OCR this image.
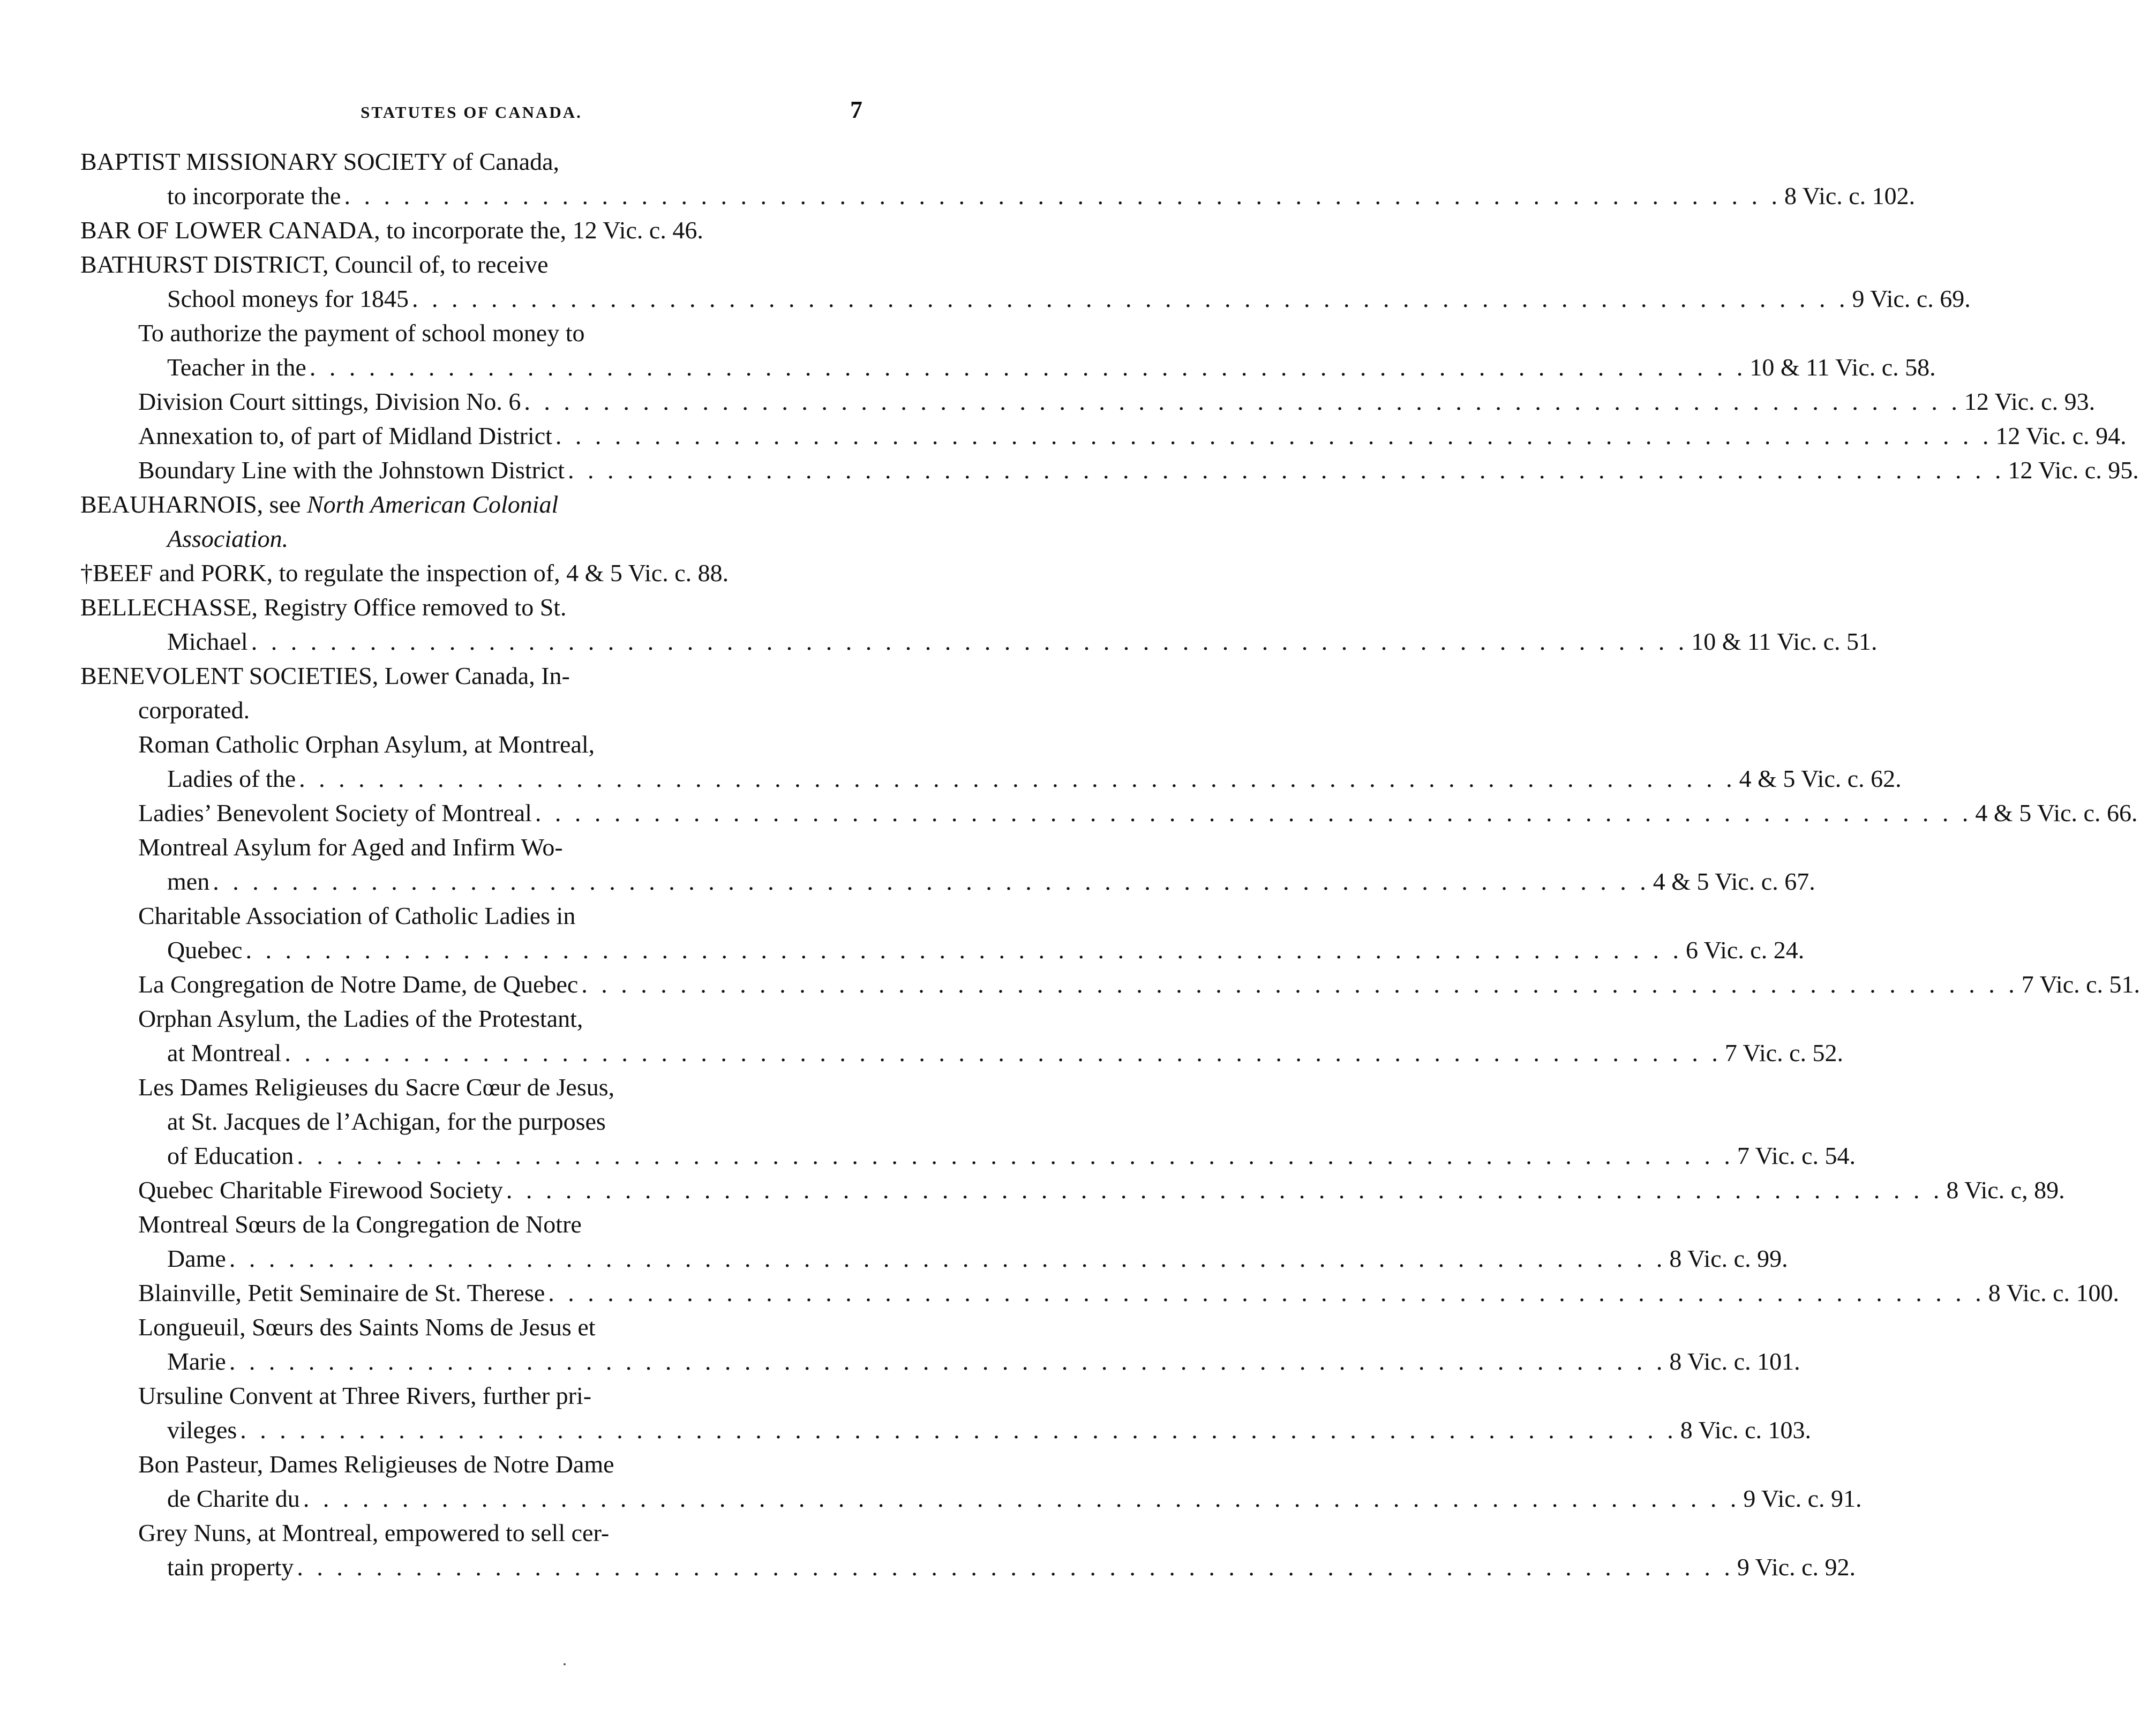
STATUTES OF CANADA.	7
BAPTIST MISSIONARY SOCIETY of Canada,
to incorporate the . . . . . . . . . . . . . . . . . . . . . . . . . . . . . . . . . . . . . . . . . . . . . . . . . . . . . . . . . . . . . . . . . . . . . . . . . 8 Vic. c. 102.
BAR OF LOWER CANADA, to incorporate the, 12 Vic. c. 46.
BATHURST DISTRICT, Council of, to receive
School moneys for 1845 . . . . . . . . . . . . . . . . . . . . . . . . . . . . . . . . . . . . . . . . . . . . . . . . . . . . . . . . . . . . . . . . . . . . . . . . . 9 Vic. c. 69.
To authorize the payment of school money to
Teacher in the . . . . . . . . . . . . . . . . . . . . . . . . . . . . . . . . . . . . . . . . . . . . . . . . . . . . . . . . . . . . . . . . . . . . . . . . . 10 & 11 Vic. c. 58.
Division Court sittings, Division No. 6 . . . . . . . . . . . . . . . . . . . . . . . . . . . . . . . . . . . . . . . . . . . . . . . . . . . . . . . . . . . . . . . . . . . . . . . . . 12 Vic. c. 93.
Annexation to, of part of Midland District . . . . . . . . . . . . . . . . . . . . . . . . . . . . . . . . . . . . . . . . . . . . . . . . . . . . . . . . . . . . . . . . . . . . . . . . . 12 Vic. c. 94.
Boundary Line with the Johnstown District . . . . . . . . . . . . . . . . . . . . . . . . . . . . . . . . . . . . . . . . . . . . . . . . . . . . . . . . . . . . . . . . . . . . . . . . . 12 Vic. c. 95.
BEAUHARNOIS, see North American Colonial
Association.
†BEEF and PORK, to regulate the inspection of, 4 & 5 Vic. c. 88.
BELLECHASSE, Registry Office removed to St.
Michael . . . . . . . . . . . . . . . . . . . . . . . . . . . . . . . . . . . . . . . . . . . . . . . . . . . . . . . . . . . . . . . . . . . . . . . . . 10 & 11 Vic. c. 51.
BENEVOLENT SOCIETIES, Lower Canada, In-
corporated.
Roman Catholic Orphan Asylum, at Montreal,
Ladies of the . . . . . . . . . . . . . . . . . . . . . . . . . . . . . . . . . . . . . . . . . . . . . . . . . . . . . . . . . . . . . . . . . . . . . . . . . 4 & 5 Vic. c. 62.
Ladies’ Benevolent Society of Montreal . . . . . . . . . . . . . . . . . . . . . . . . . . . . . . . . . . . . . . . . . . . . . . . . . . . . . . . . . . . . . . . . . . . . . . . . . 4 & 5 Vic. c. 66.
Montreal Asylum for Aged and Infirm Wo-
men . . . . . . . . . . . . . . . . . . . . . . . . . . . . . . . . . . . . . . . . . . . . . . . . . . . . . . . . . . . . . . . . . . . . . . . . . 4 & 5 Vic. c. 67.
Charitable Association of Catholic Ladies in
Quebec . . . . . . . . . . . . . . . . . . . . . . . . . . . . . . . . . . . . . . . . . . . . . . . . . . . . . . . . . . . . . . . . . . . . . . . . . 6 Vic. c. 24.
La Congregation de Notre Dame, de Quebec . . . . . . . . . . . . . . . . . . . . . . . . . . . . . . . . . . . . . . . . . . . . . . . . . . . . . . . . . . . . . . . . . . . . . . . . . 7 Vic. c. 51.
Orphan Asylum, the Ladies of the Protestant,
at Montreal . . . . . . . . . . . . . . . . . . . . . . . . . . . . . . . . . . . . . . . . . . . . . . . . . . . . . . . . . . . . . . . . . . . . . . . . . 7 Vic. c. 52.
Les Dames Religieuses du Sacre Cœur de Jesus,
at St. Jacques de l’Achigan, for the purposes
of Education . . . . . . . . . . . . . . . . . . . . . . . . . . . . . . . . . . . . . . . . . . . . . . . . . . . . . . . . . . . . . . . . . . . . . . . . . 7 Vic. c. 54.
Quebec Charitable Firewood Society . . . . . . . . . . . . . . . . . . . . . . . . . . . . . . . . . . . . . . . . . . . . . . . . . . . . . . . . . . . . . . . . . . . . . . . . . 8 Vic. c, 89.
Montreal Sœurs de la Congregation de Notre
Dame . . . . . . . . . . . . . . . . . . . . . . . . . . . . . . . . . . . . . . . . . . . . . . . . . . . . . . . . . . . . . . . . . . . . . . . . . 8 Vic. c. 99.
Blainville, Petit Seminaire de St. Therese . . . . . . . . . . . . . . . . . . . . . . . . . . . . . . . . . . . . . . . . . . . . . . . . . . . . . . . . . . . . . . . . . . . . . . . . . 8 Vic. c. 100.
Longueuil, Sœurs des Saints Noms de Jesus et
Marie . . . . . . . . . . . . . . . . . . . . . . . . . . . . . . . . . . . . . . . . . . . . . . . . . . . . . . . . . . . . . . . . . . . . . . . . . 8 Vic. c. 101.
Ursuline Convent at Three Rivers, further pri-
vileges . . . . . . . . . . . . . . . . . . . . . . . . . . . . . . . . . . . . . . . . . . . . . . . . . . . . . . . . . . . . . . . . . . . . . . . . . 8 Vic. c. 103.
Bon Pasteur, Dames Religieuses de Notre Dame
de Charite du . . . . . . . . . . . . . . . . . . . . . . . . . . . . . . . . . . . . . . . . . . . . . . . . . . . . . . . . . . . . . . . . . . . . . . . . . 9 Vic. c. 91.
Grey Nuns, at Montreal, empowered to sell cer-
tain property . . . . . . . . . . . . . . . . . . . . . . . . . . . . . . . . . . . . . . . . . . . . . . . . . . . . . . . . . . . . . . . . . . . . . . . . . 9 Vic. c. 92.
